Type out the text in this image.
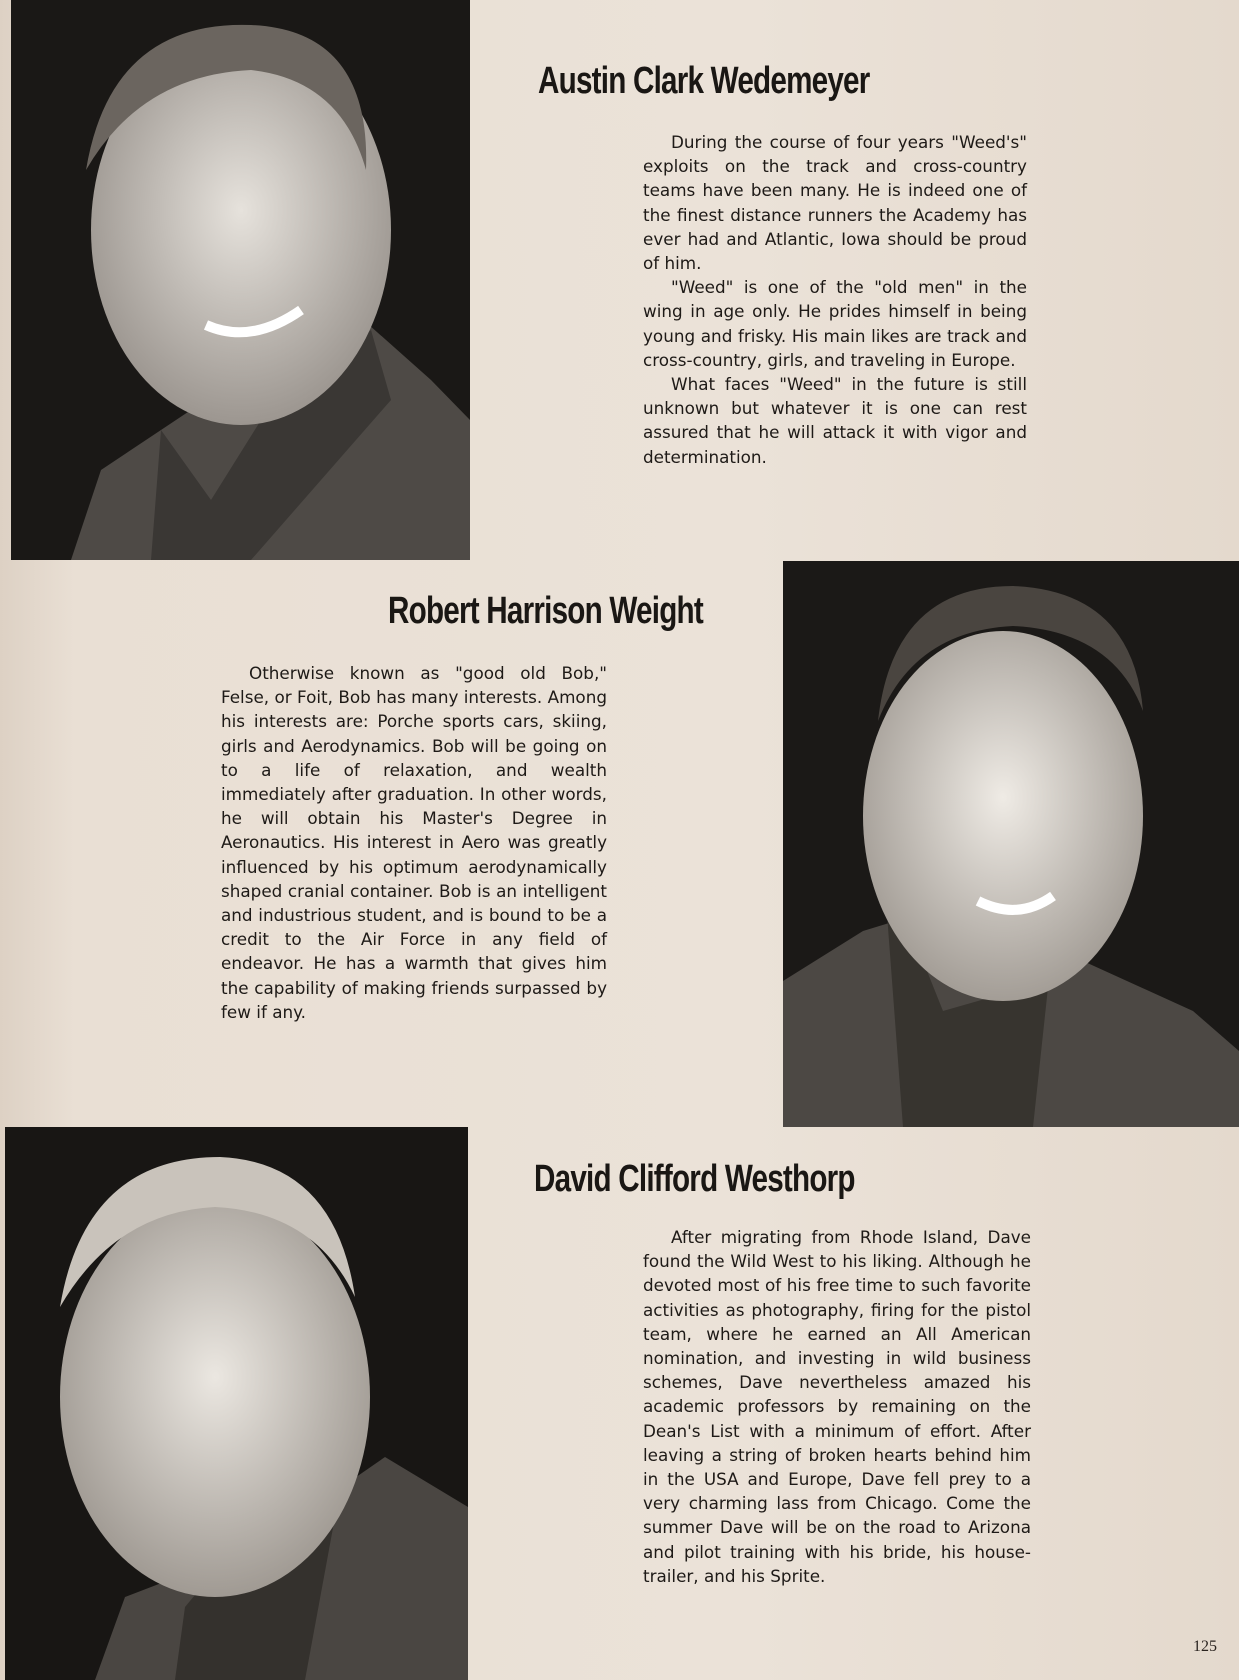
Austin Clark Wedemeyer

During the course of four years "Weed's" exploits on the track and cross-country teams have been many. He is indeed one of the finest distance runners the Academy has ever had and Atlantic, Iowa should be proud of him.

"Weed" is one of the "old men" in the wing in age only. He prides himself in being young and frisky. His main likes are track and cross-country, girls, and traveling in Europe.

What faces "Weed" in the future is still unknown but whatever it is one can rest assured that he will attack it with vigor and determination.

Robert Harrison Weight

Otherwise known as "good old Bob," Felse, or Foit, Bob has many interests. Among his interests are: Porche sports cars, skiing, girls and Aerodynamics. Bob will be going on to a life of relaxation, and wealth immediately after graduation. In other words, he will obtain his Master's Degree in Aeronautics. His interest in Aero was greatly influenced by his optimum aerodynamically shaped cranial container. Bob is an intelligent and industrious student, and is bound to be a credit to the Air Force in any field of endeavor. He has a warmth that gives him the capability of making friends surpassed by few if any.

David Clifford Westhorp

After migrating from Rhode Island, Dave found the Wild West to his liking. Although he devoted most of his free time to such favorite activities as photography, firing for the pistol team, where he earned an All American nomination, and investing in wild business schemes, Dave nevertheless amazed his academic professors by remaining on the Dean's List with a minimum of effort. After leaving a string of broken hearts behind him in the USA and Europe, Dave fell prey to a very charming lass from Chicago. Come the summer Dave will be on the road to Arizona and pilot training with his bride, his house-trailer, and his Sprite.

125
